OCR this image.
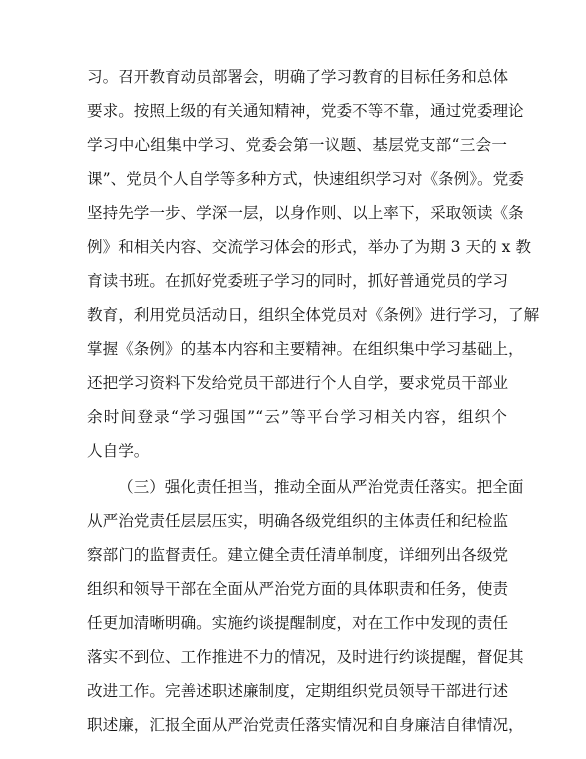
习。召开教育动员部署会，明确了学习教育的目标任务和总体
要求。按照上级的有关通知精神，党委不等不靠，通过党委理论
学习中心组集中学习、党委会第一议题、基层党支部“三会一
课”、党员个人自学等多种方式，快速组织学习对《条例》。党委
坚持先学一步、学深一层，以身作则、以上率下，采取领读《条
例》和相关内容、交流学习体会的形式，举办了为期 3 天的 x 教
育读书班。在抓好党委班子学习的同时，抓好普通党员的学习
教育，利用党员活动日，组织全体党员对《条例》进行学习，了解
掌握《条例》的基本内容和主要精神。在组织集中学习基础上，
还把学习资料下发给党员干部进行个人自学，要求党员干部业
余时间登录“学习强国”“云”等平台学习相关内容，组织个
人自学。
（三）强化责任担当，推动全面从严治党责任落实。把全面
从严治党责任层层压实，明确各级党组织的主体责任和纪检监
察部门的监督责任。建立健全责任清单制度，详细列出各级党
组织和领导干部在全面从严治党方面的具体职责和任务，使责
任更加清晰明确。实施约谈提醒制度，对在工作中发现的责任
落实不到位、工作推进不力的情况，及时进行约谈提醒，督促其
改进工作。完善述职述廉制度，定期组织党员领导干部进行述
职述廉，汇报全面从严治党责任落实情况和自身廉洁自律情况，
